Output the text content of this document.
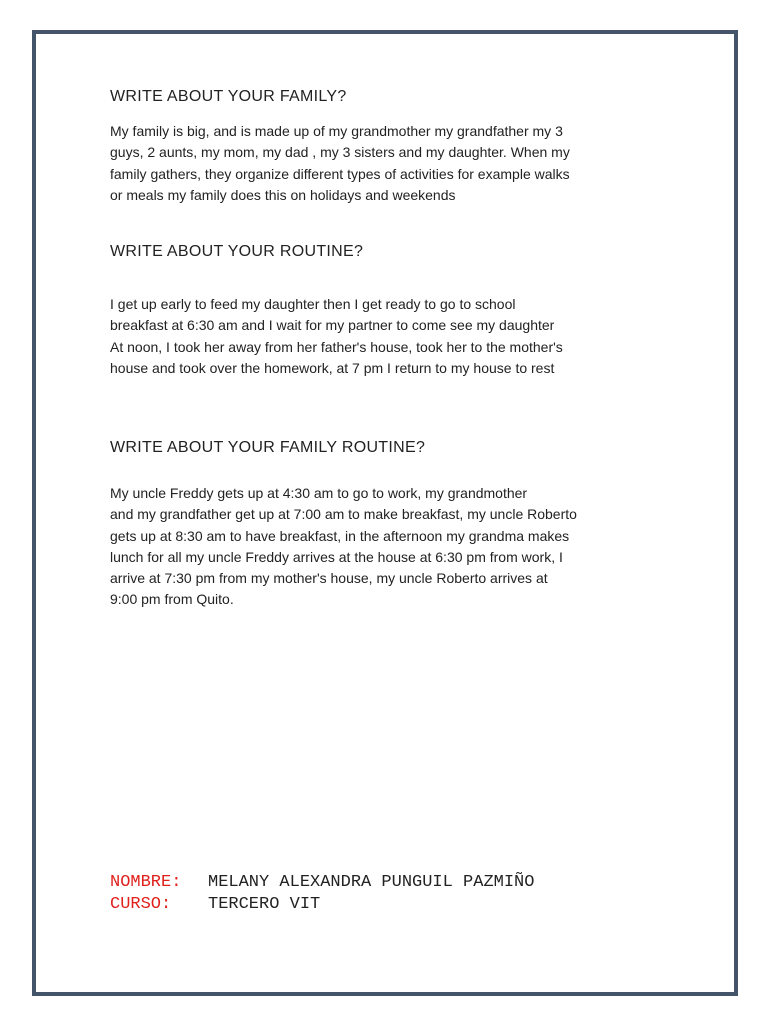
WRITE ABOUT YOUR FAMILY?

My family is big, and is made up of my grandmother my grandfather my 3
guys, 2 aunts, my mom, my dad , my 3 sisters and my daughter. When my
family gathers, they organize different types of activities for example walks
or meals my family does this on holidays and weekends

WRITE ABOUT YOUR ROUTINE?

I get up early to feed my daughter then I get ready to go to school
breakfast at 6:30 am and I wait for my partner to come see my daughter
At noon, I took her away from her father's house, took her to the mother's
house and took over the homework, at 7 pm I return to my house to rest

WRITE ABOUT YOUR FAMILY ROUTINE?

My uncle Freddy gets up at 4:30 am to go to work, my grandmother
and my grandfather get up at 7:00 am to make breakfast, my uncle Roberto
gets up at 8:30 am to have breakfast, in the afternoon my grandma makes
lunch for all my uncle Freddy arrives at the house at 6:30 pm from work, I
arrive at 7:30 pm from my mother's house, my uncle Roberto arrives at
9:00 pm from Quito.

NOMBRE: MELANY ALEXANDRA PUNGUIL PAZMIÑO
CURSO: TERCERO VIT
